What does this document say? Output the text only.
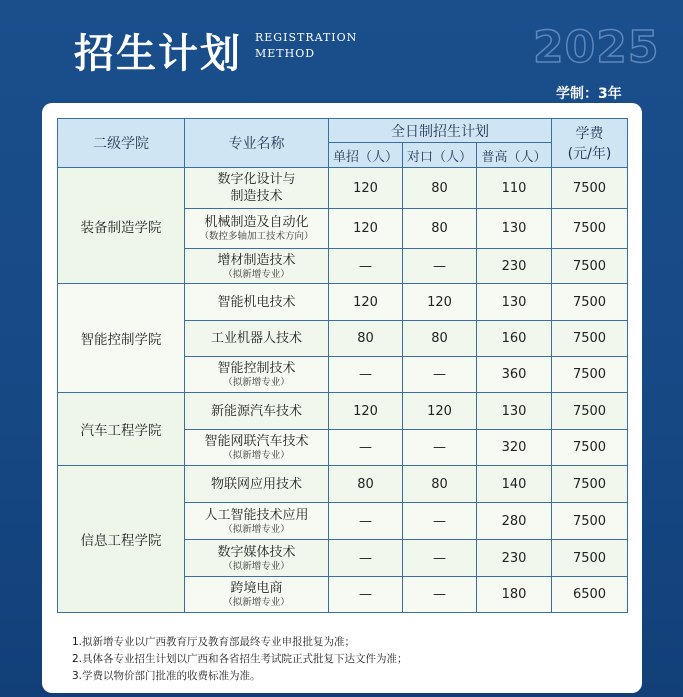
招生计划 REGISTRATION
METHOD	2025
学制：3年
二级学院	专业名称	全日制招生计划			学费
(元/年)

		单招（人）	对口（人）	普高（人）	
装备制造学院	数字化设计与
制造技术	120	80	110	7500

	机械制造及自动化
（数控多轴加工技术方向）	120	80	130	7500

	增材制造技术
（拟新增专业）	—	—	230	7500
智能控制学院	智能机电技术	120	120	130	7500

	工业机器人技术	80	80	160	7500

	智能控制技术
（拟新增专业）	—	—	360	7500
汽车工程学院	新能源汽车技术	120	120	130	7500

	智能网联汽车技术
（拟新增专业）	—	—	320	7500
信息工程学院	物联网应用技术	80	80	140	7500

	人工智能技术应用
（拟新增专业）	—	—	280	7500

	数字媒体技术
（拟新增专业）	—	—	230	7500

	跨境电商
（拟新增专业）	—	—	180	6500
1.拟新增专业以广西教育厅及教育部最终专业申报批复为准；
2.具体各专业招生计划以广西和各省招生考试院正式批复下达文件为准；
3.学费以物价部门批准的收费标准为准。
高考直通车
